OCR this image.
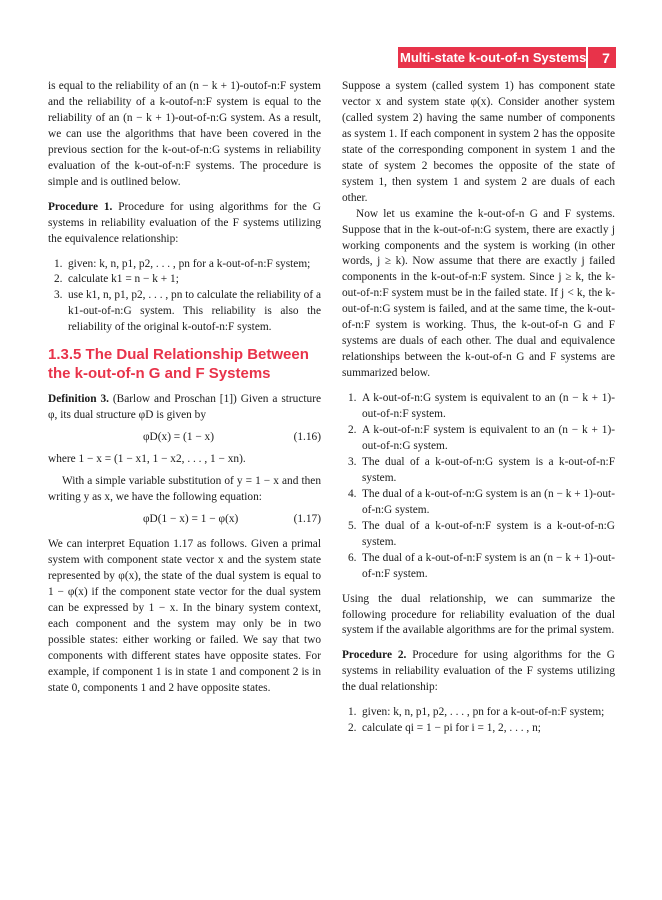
Multi-state k-out-of-n Systems	7

is equal to the reliability of an (n − k + 1)-outof-n:F system and the reliability of a k-outof-n:F system is equal to the reliability of an (n − k + 1)-out-of-n:G system. As a result, we can use the algorithms that have been covered in the previous section for the k-out-of-n:G systems in reliability evaluation of the k-out-of-n:F systems. The procedure is simple and is outlined below.

Procedure 1. Procedure for using algorithms for the G systems in reliability evaluation of the F systems utilizing the equivalence relationship:

1. given: k, n, p1, p2, . . . , pn for a k-out-of-n:F system;
2. calculate k1 = n − k + 1;
3. use k1, n, p1, p2, . . . , pn to calculate the reliability of a k1-out-of-n:G system. This reliability is also the reliability of the original k-outof-n:F system.

1.3.5 The Dual Relationship Between
the k-out-of-n G and F Systems

Definition 3. (Barlow and Proschan [1]) Given a structure φ, its dual structure φD is given by

φD(x) = (1 − x)	(1.16)

where 1 − x = (1 − x1, 1 − x2, . . . , 1 − xn).

With a simple variable substitution of y = 1 − x and then writing y as x, we have the following equation:

φD(1 − x) = 1 − φ(x)	(1.17)

We can interpret Equation 1.17 as follows. Given a primal system with component state vector x and the system state represented by φ(x), the state of the dual system is equal to 1 − φ(x) if the component state vector for the dual system can be expressed by 1 − x. In the binary system context, each component and the system may only be in two possible states: either working or failed. We say that two components with different states have opposite states. For example, if component 1 is in state 1 and component 2 is in state 0, components 1 and 2 have opposite states.

Suppose a system (called system 1) has component state vector x and system state φ(x). Consider another system (called system 2) having the same number of components as system 1. If each component in system 2 has the opposite state of the corresponding component in system 1 and the state of system 2 becomes the opposite of the state of system 1, then system 1 and system 2 are duals of each other.

Now let us examine the k-out-of-n G and F systems. Suppose that in the k-out-of-n:G system, there are exactly j working components and the system is working (in other words, j ≥ k). Now assume that there are exactly j failed components in the k-out-of-n:F system. Since j ≥ k, the k-out-of-n:F system must be in the failed state. If j < k, the k-out-of-n:G system is failed, and at the same time, the k-out-of-n:F system is working. Thus, the k-out-of-n G and F systems are duals of each other. The dual and equivalence relationships between the k-out-of-n G and F systems are summarized below.

1. A k-out-of-n:G system is equivalent to an (n − k + 1)-out-of-n:F system.
2. A k-out-of-n:F system is equivalent to an (n − k + 1)-out-of-n:G system.
3. The dual of a k-out-of-n:G system is a k-out-of-n:F system.
4. The dual of a k-out-of-n:G system is an (n − k + 1)-out-of-n:G system.
5. The dual of a k-out-of-n:F system is a k-out-of-n:G system.
6. The dual of a k-out-of-n:F system is an (n − k + 1)-out-of-n:F system.

Using the dual relationship, we can summarize the following procedure for reliability evaluation of the dual system if the available algorithms are for the primal system.

Procedure 2. Procedure for using algorithms for the G systems in reliability evaluation of the F systems utilizing the dual relationship:

1. given: k, n, p1, p2, . . . , pn for a k-out-of-n:F system;
2. calculate qi = 1 − pi for i = 1, 2, . . . , n;
